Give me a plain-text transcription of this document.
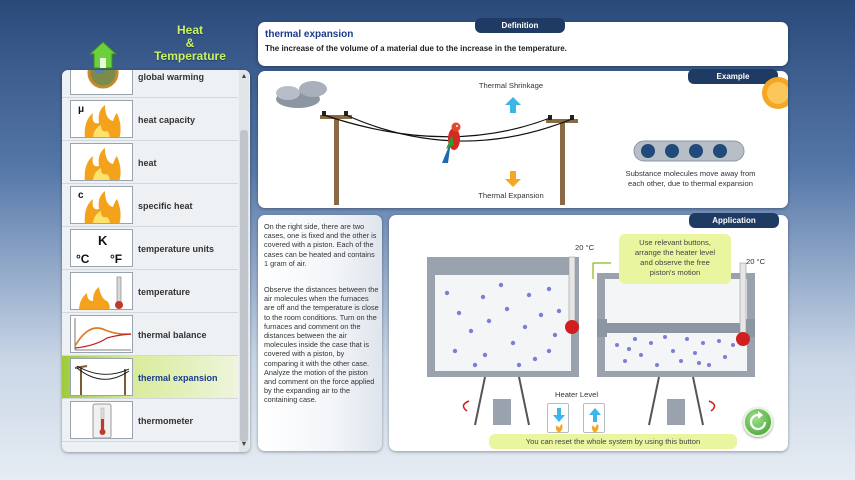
Heat
&
Temperature
global warming
μ
heat capacity
heat
c
specific heat
K
°C °F
temperature units
temperature
thermal balance
thermal expansion
thermometer
▲
▼
Definition
thermal expansion
The increase of the volume of a material due to the increase in the temperature.
Example
Thermal Shrinkage
Thermal Expansion
Substance molecules move away from
each other, due to thermal expansion
On the right side, there are two cases, one is fixed and the other is covered with a piston. Each of the cases can be heated and contains 1 gram of air.
Observe the distances between the air molecules when the furnaces are off and the temperature is close to the room conditions. Turn on the furnaces and comment on the distances between the air molecules inside the case that is covered with a piston, by comparing it with the other case. Analyze the motion of the piston and comment on the force applied by the expanding air to the containing case.
Application
20 °C
20 °C
Use relevant buttons,
arrange the heater level
and observe the free
piston's motion
Heater Level
You can reset the whole system by using this button
